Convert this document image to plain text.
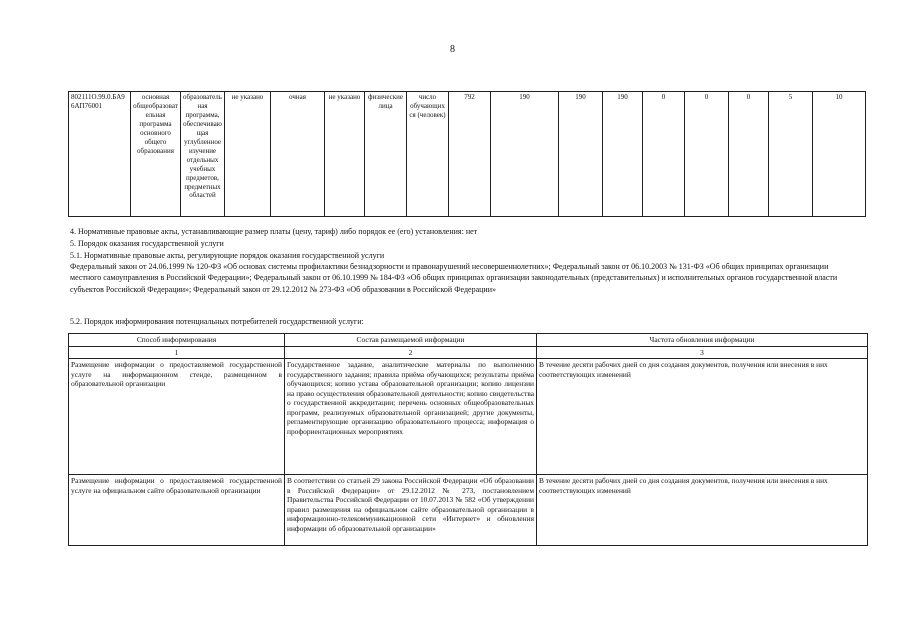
8
802111О.99.0.БА96АП76001	основная общеобразовательная программа основного общего образования	образовательная программа, обеспечивающая углубленное изучение отдельных учебных предметов, предметных областей	не указано	очная	не указано	физические лица	число обучающихся (человек)	792	190	190	190	0	0	0	5	10
4. Нормативные правовые акты, устанавливающие размер платы (цену, тариф) либо порядок ее (его) установления: нет
5. Порядок оказания государственной услуги
5.1. Нормативные правовые акты, регулирующие порядок оказания государственной услуги
Федеральный закон от 24.06.1999 № 120-ФЗ «Об основах системы профилактики безнадзорности и правонарушений несовершеннолетних»; Федеральный закон от 06.10.2003 № 131-ФЗ «Об общих принципах организации местного самоуправления в Российской Федерации»; Федеральный закон от 06.10.1999 № 184-ФЗ «Об общих принципах организации законодательных (представительных) и исполнительных органов государственной власти субъектов Российской Федерации»; Федеральный закон от 29.12.2012 № 273-ФЗ «Об образовании в Российской Федерации»
5.2. Порядок информирования потенциальных потребителей государственной услуги:
Способ информирования	Состав размещаемой информации	Частота обновления информации
1	2	3
Размещение информации о предоставляемой государственной услуге на информационном стенде, размещенном в образовательной организации	Государственное задание, аналитические материалы по выполнению государственного задания; правила приёма обучающихся; результаты приёма обучающихся; копию устава образовательной организации; копию лицензии на право осуществления образовательной деятельности; копию свидетельства о государственной аккредитации; перечень основных общеобразовательных программ, реализуемых образовательной организацией; другие документы, регламентирующие организацию образовательного процесса; информация о профориентационных мероприятиях	В течение десяти рабочих дней со дня создания документов, получения или внесения в них соответствующих изменений
Размещение информации о предоставляемой государственной услуге на официальном сайте образовательной организации	В соответствии со статьей 29 закона Российской Федерации «Об образовании в Российской Федерации» от 29.12.2012 № 273, постановлением Правительства Российской Федерации от 10.07.2013 № 582 «Об утверждении правил размещения на официальном сайте образовательной организации в информационно-телекоммуникационной сети «Интернет» и обновления информации об образовательной организации»	В течение десяти рабочих дней со дня создания документов, получения или внесения в них соответствующих изменений
